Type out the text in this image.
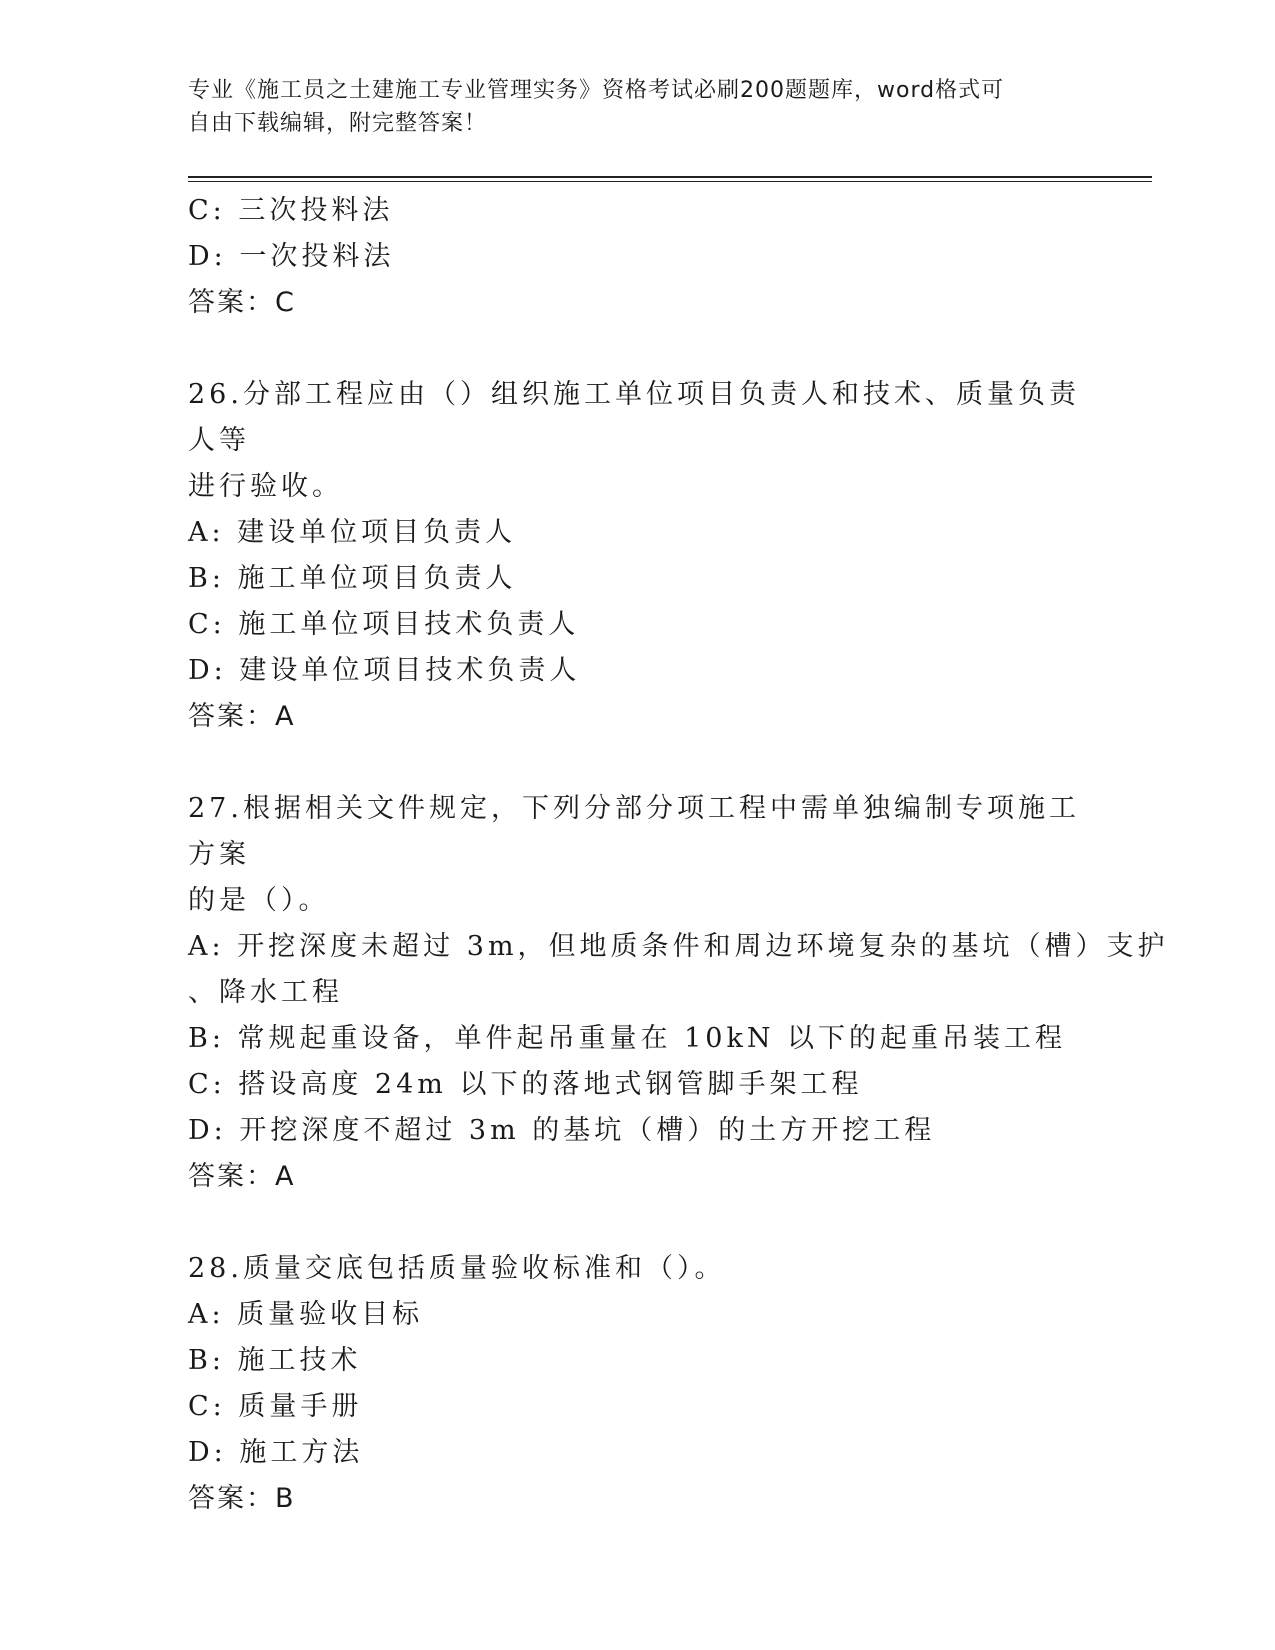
专业《施工员之土建施工专业管理实务》资格考试必刷200题题库，word格式可
自由下载编辑，附完整答案！
C: 三次投料法
D: 一次投料法
答案：C
26.分部工程应由（）组织施工单位项目负责人和技术、质量负责人等
进行验收。
A: 建设单位项目负责人
B: 施工单位项目负责人
C: 施工单位项目技术负责人
D: 建设单位项目技术负责人
答案：A
27.根据相关文件规定，下列分部分项工程中需单独编制专项施工方案
的是（）。
A: 开挖深度未超过 3m，但地质条件和周边环境复杂的基坑（槽）支护
、降水工程
B: 常规起重设备，单件起吊重量在 10kN 以下的起重吊装工程
C: 搭设高度 24m 以下的落地式钢管脚手架工程
D: 开挖深度不超过 3m 的基坑（槽）的土方开挖工程
答案：A
28.质量交底包括质量验收标准和（）。
A: 质量验收目标
B: 施工技术
C: 质量手册
D: 施工方法
答案：B
